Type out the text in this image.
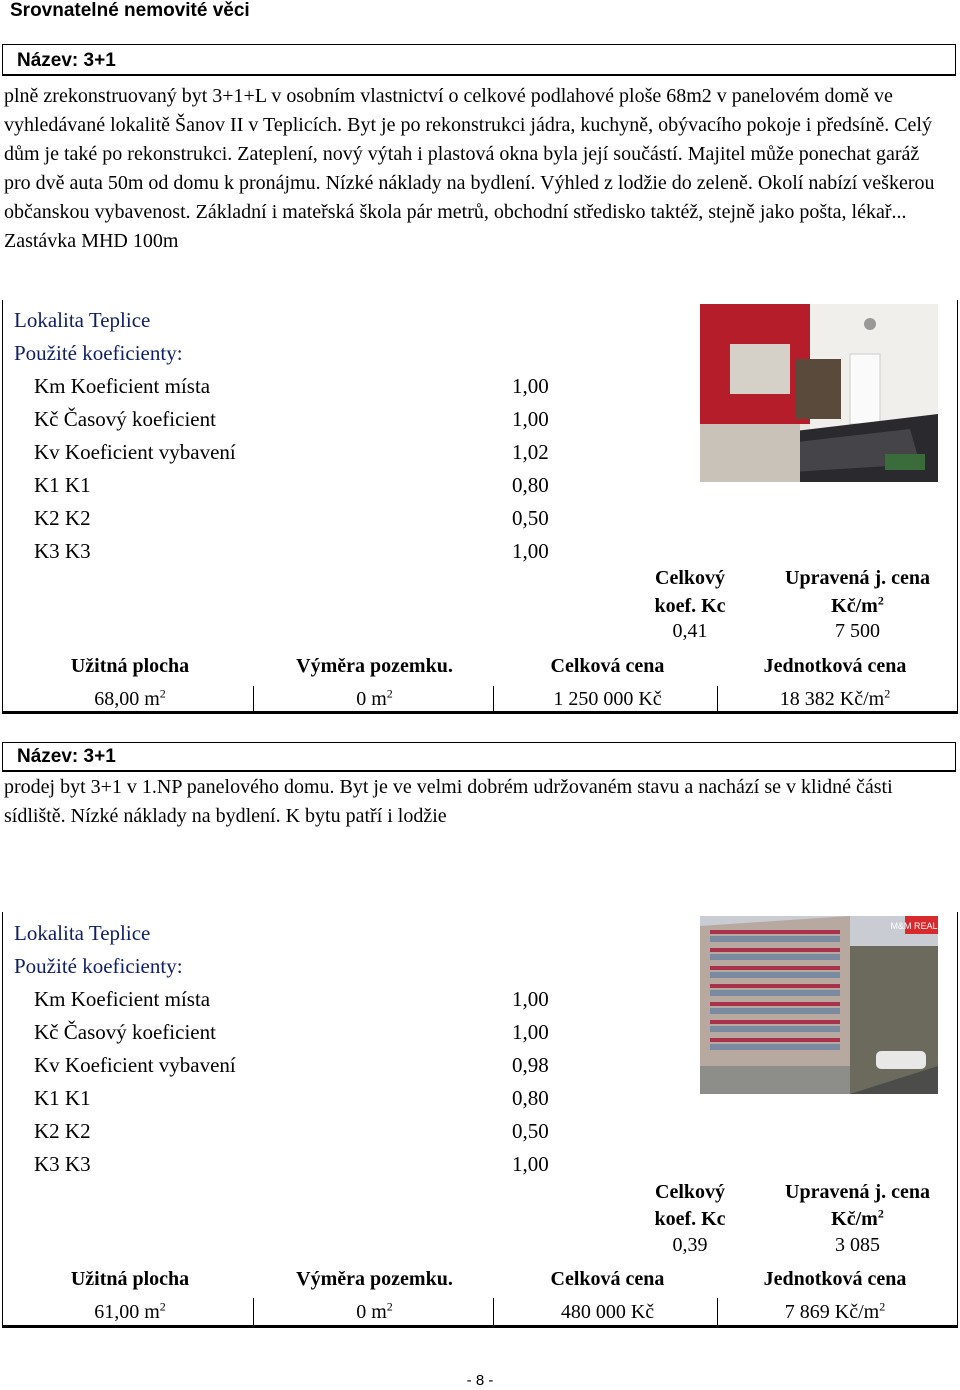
Srovnatelné nemovité věci
Název: 3+1
plně zrekonstruovaný byt 3+1+L v osobním vlastnictví o celkové podlahové ploše 68m2 v panelovém domě ve vyhledávané lokalitě Šanov II v Teplicích. Byt je po rekonstrukci jádra, kuchyně, obývacího pokoje i předsíně. Celý dům je také po rekonstrukci. Zateplení, nový výtah i plastová okna byla její součástí. Majitel může ponechat garáž pro dvě auta 50m od domu k pronájmu. Nízké náklady na bydlení. Výhled z lodžie do zeleně. Okolí nabízí veškerou občanskou vybavenost. Základní i mateřská škola pár metrů, obchodní středisko taktéž, stejně jako pošta, lékař... Zastávka MHD 100m
Lokalita Teplice
Použité koeficienty:
Km Koeficient místa	1,00
Kč Časový koeficient	1,00
Kv Koeficient vybavení	1,02
K1 K1	0,80
K2 K2	0,50
K3 K3	1,00
Celkový
koef. Kc
0,41
Upravená j. cena
$Kč/m^2$
7 500
Užitná plocha	Výměra pozemku.	Celková cena	Jednotková cena
68,00 $m^2$	0 $m^2$	1 250 000 Kč	18 382 $Kč/m^2$
Název: 3+1
prodej byt 3+1 v 1.NP panelového domu. Byt je ve velmi dobrém udržovaném stavu a nachází se v klidné části sídliště. Nízké náklady na bydlení. K bytu patří i lodžie
Lokalita Teplice
Použité koeficienty:
Km Koeficient místa	1,00
Kč Časový koeficient	1,00
Kv Koeficient vybavení	0,98
K1 K1	0,80
K2 K2	0,50
K3 K3	1,00
M&M REALITY
Celkový
koef. Kc
0,39
Upravená j. cena
$Kč/m^2$
3 085
Užitná plocha	Výměra pozemku.	Celková cena	Jednotková cena
61,00 $m^2$	0 $m^2$	480 000 Kč	7 869 $Kč/m^2$
- 8 -
